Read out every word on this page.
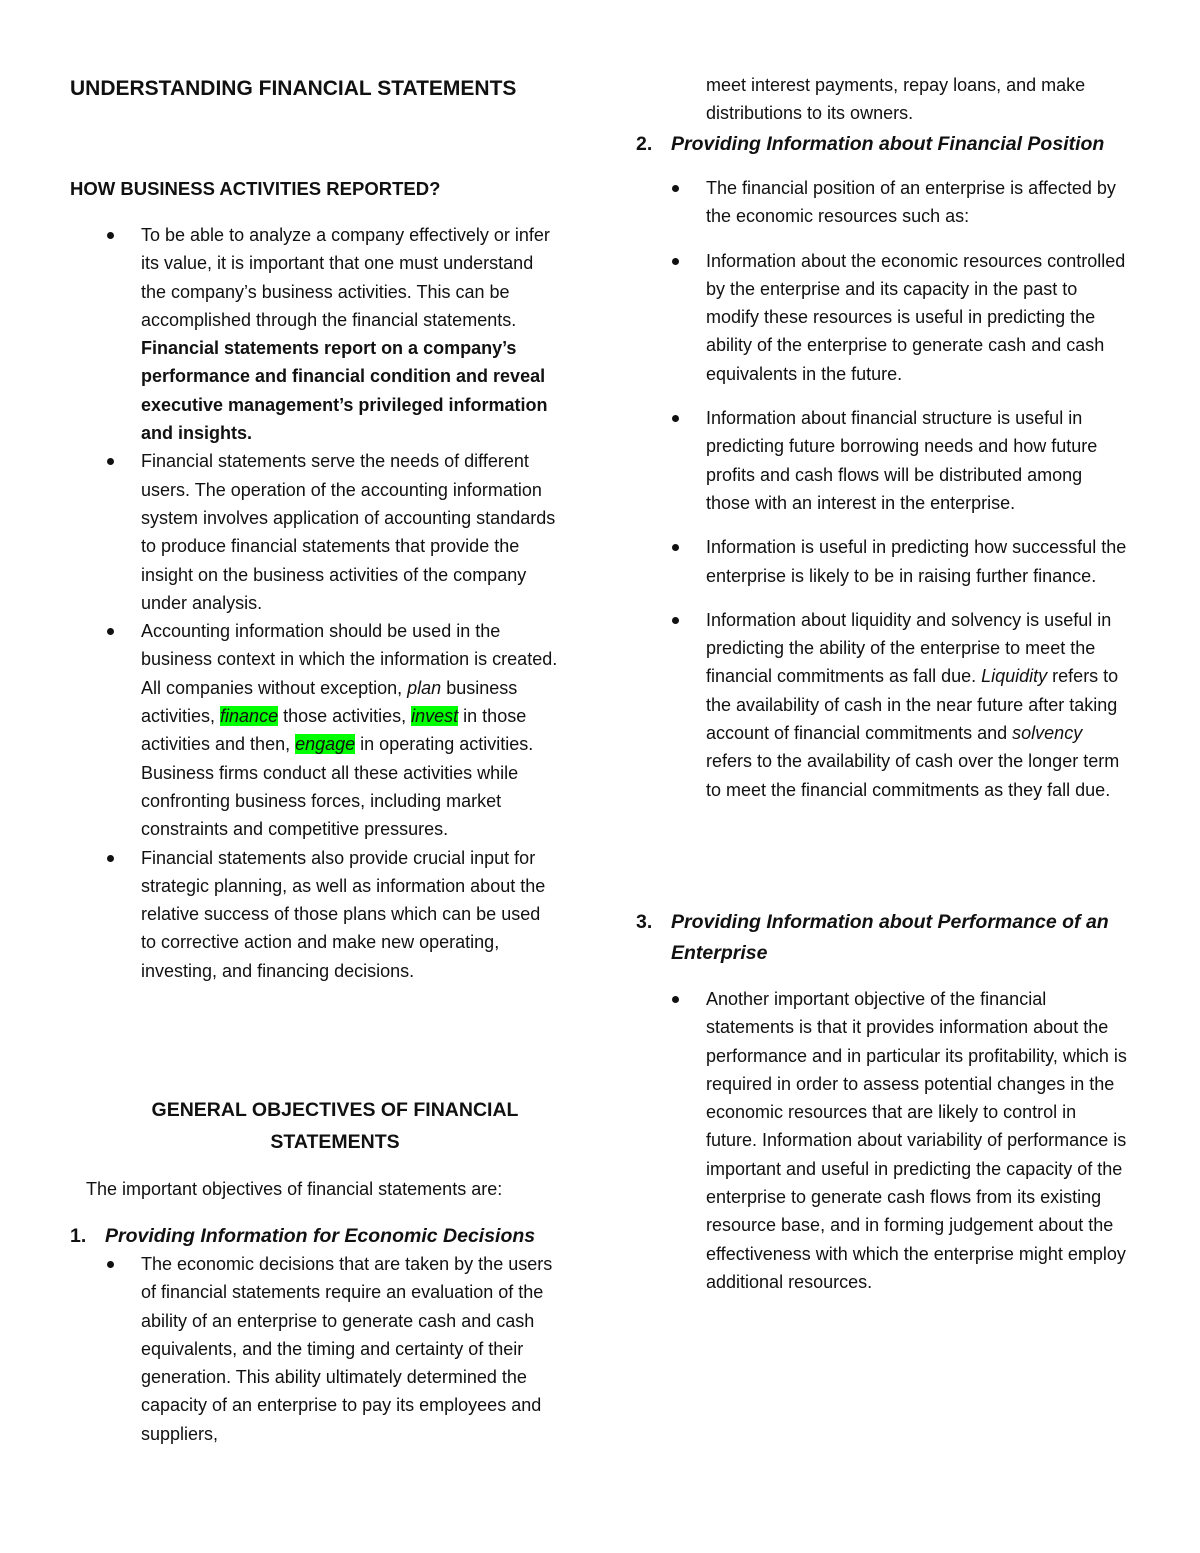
UNDERSTANDING FINANCIAL STATEMENTS
HOW BUSINESS ACTIVITIES REPORTED?
To be able to analyze a company effectively or infer its value, it is important that one must understand the company’s business activities. This can be accomplished through the financial statements. Financial statements report on a company’s performance and financial condition and reveal executive management’s privileged information and insights.
Financial statements serve the needs of different users. The operation of the accounting information system involves application of accounting standards to produce financial statements that provide the insight on the business activities of the company under analysis.
Accounting information should be used in the business context in which the information is created. All companies without exception, plan business activities, finance those activities, invest in those activities and then, engage in operating activities. Business firms conduct all these activities while confronting business forces, including market constraints and competitive pressures.
Financial statements also provide crucial input for strategic planning, as well as information about the relative success of those plans which can be used to corrective action and make new operating, investing, and financing decisions.
GENERAL OBJECTIVES OF FINANCIAL
STATEMENTS

The important objectives of financial statements are:

1. Providing Information for Economic Decisions
The economic decisions that are taken by the users of financial statements require an evaluation of the ability of an enterprise to generate cash and cash equivalents, and the timing and certainty of their generation. This ability ultimately determined the capacity of an enterprise to pay its employees and suppliers,

meet interest payments, repay loans, and make distributions to its owners.

2. Providing Information about Financial Position
The financial position of an enterprise is affected by the economic resources such as:
Information about the economic resources controlled by the enterprise and its capacity in the past to modify these resources is useful in predicting the ability of the enterprise to generate cash and cash equivalents in the future.
Information about financial structure is useful in predicting future borrowing needs and how future profits and cash flows will be distributed among those with an interest in the enterprise.
Information is useful in predicting how successful the enterprise is likely to be in raising further finance.
Information about liquidity and solvency is useful in predicting the ability of the enterprise to meet the financial commitments as fall due. Liquidity refers to the availability of cash in the near future after taking account of financial commitments and solvency refers to the availability of cash over the longer term to meet the financial commitments as they fall due.
3. Providing Information about Performance of an Enterprise
Another important objective of the financial statements is that it provides information about the performance and in particular its profitability, which is required in order to assess potential changes in the economic resources that are likely to control in future. Information about variability of performance is important and useful in predicting the capacity of the enterprise to generate cash flows from its existing resource base, and in forming judgement about the effectiveness with which the enterprise might employ additional resources.
